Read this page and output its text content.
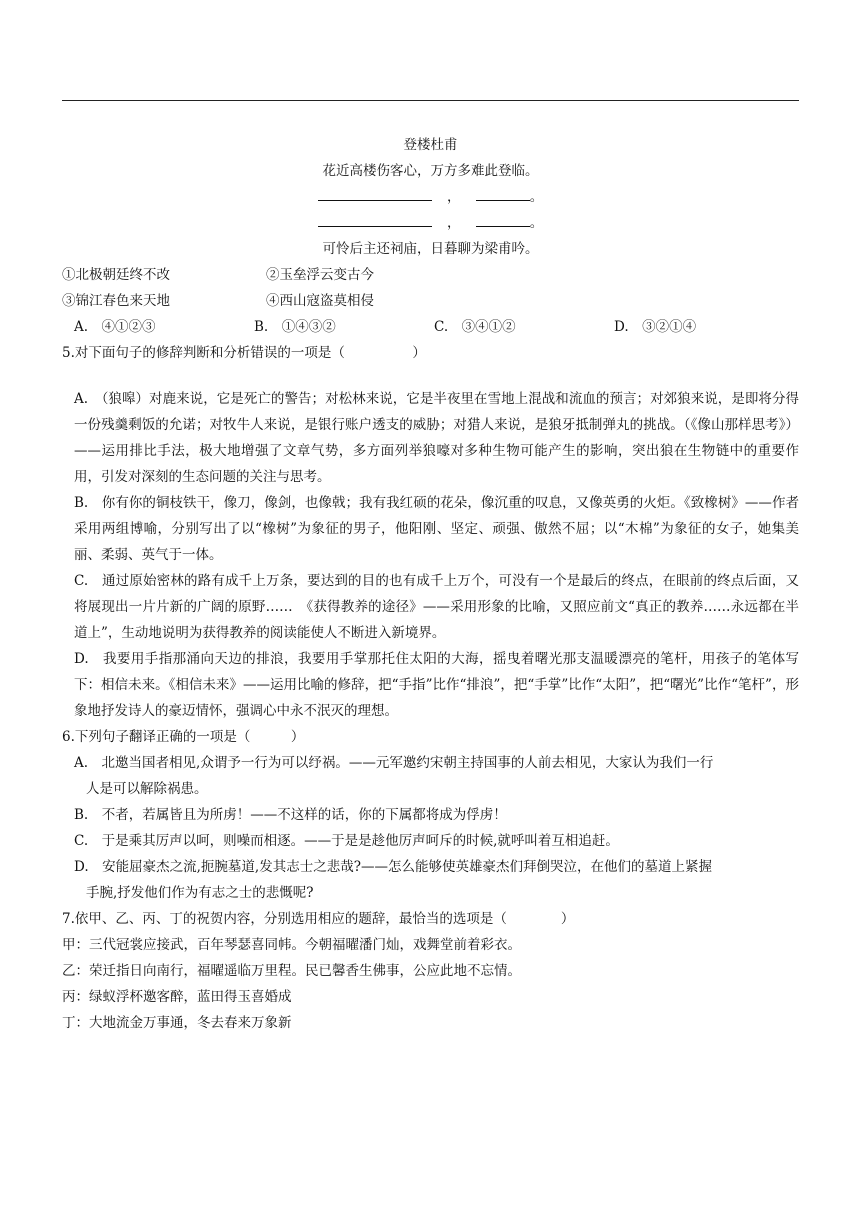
登楼杜甫
花近高楼伤客心，万方多难此登临。
，	。
，	。
可怜后主还祠庙，日暮聊为梁甫吟。
①北极朝廷终不改	②玉垒浮云变古今
③锦江春色来天地	④西山寇盗莫相侵
A.　④①②③	B.　①④③②	C.　③④①②	D.　③②①④
5.对下面句子的修辞判断和分析错误的一项是（　　　　　）
A.　（狼嗥）对鹿来说，它是死亡的警告；对松林来说，它是半夜里在雪地上混战和流血的预言；对郊狼来说，是即将分得一份残羹剩饭的允诺；对牧牛人来说，是银行账户透支的威胁；对猎人来说，是狼牙抵制弹丸的挑战。（《像山那样思考》）——运用排比手法，极大地增强了文章气势，多方面列举狼嚎对多种生物可能产生的影响，突出狼在生物链中的重要作用，引发对深刻的生态问题的关注与思考。
B.　你有你的铜枝铁干，像刀，像剑，也像戟；我有我红硕的花朵，像沉重的叹息，又像英勇的火炬。《致橡树》——作者采用两组博喻，分别写出了以“橡树”为象征的男子，他阳刚、坚定、顽强、傲然不屈；以“木棉”为象征的女子，她集美丽、柔弱、英气于一体。
C.　通过原始密林的路有成千上万条，要达到的目的也有成千上万个，可没有一个是最后的终点，在眼前的终点后面，又将展现出一片片新的广阔的原野……　《获得教养的途径》——采用形象的比喻，又照应前文“真正的教养……永远都在半道上”，生动地说明为获得教养的阅读能使人不断进入新境界。
D.　我要用手指那涌向天边的排浪，我要用手掌那托住太阳的大海，摇曳着曙光那支温暖漂亮的笔杆，用孩子的笔体写下：相信未来。《相信未来》——运用比喻的修辞，把“手指”比作“排浪”，把“手掌”比作“太阳”，把“曙光”比作“笔杆”，形象地抒发诗人的豪迈情怀，强调心中永不泯灭的理想。
6.下列句子翻译正确的一项是（　　　）
A.　北邀当国者相见,众谓予一行为可以纾祸。——元军邀约宋朝主持国事的人前去相见，大家认为我们一行
人是可以解除祸患。
B.　不者，若属皆且为所虏！——不这样的话，你的下属都将成为俘虏！
C.　于是乘其厉声以呵，则噪而相逐。——于是是趁他厉声呵斥的时候,就呼叫着互相追赶。
D.　安能屈豪杰之流,扼腕墓道,发其志士之悲哉?——怎么能够使英雄豪杰们拜倒哭泣，在他们的墓道上紧握
手腕,抒发他们作为有志之士的悲慨呢?
7.依甲、乙、丙、丁的祝贺内容，分别选用相应的题辞，最恰当的选项是（　　　　）
甲：三代冠裳应接武，百年琴瑟喜同帏。今朝福曜潘门灿，戏舞堂前着彩衣。
乙：荣迁指日向南行，福曜遥临万里程。民已馨香生佛事，公应此地不忘情。
丙：绿蚁浮杯邀客醉，蓝田得玉喜婚成
丁：大地流金万事通，冬去春来万象新
